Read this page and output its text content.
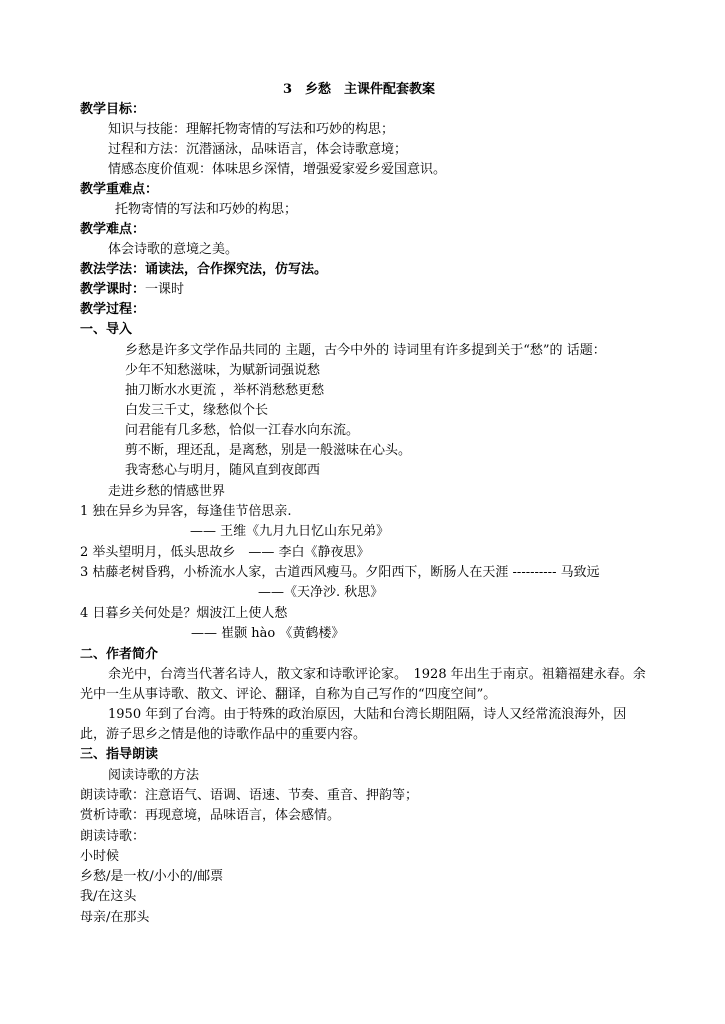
3　乡愁　主课件配套教案
教学目标：
知识与技能：理解托物寄情的写法和巧妙的构思；
过程和方法：沉潜涵泳，品味语言，体会诗歌意境；
情感态度价值观：体味思乡深情，增强爱家爱乡爱国意识。
教学重难点：
托物寄情的写法和巧妙的构思；
教学难点：
体会诗歌的意境之美。
教法学法：诵读法，合作探究法，仿写法。
教学课时：一课时
教学过程：
一、导入
乡愁是许多文学作品共同的 主题，古今中外的 诗词里有许多提到关于“愁”的 话题：
少年不知愁滋味，为赋新词强说愁
抽刀断水水更流 ，举杯消愁愁更愁
白发三千丈，缘愁似个长
问君能有几多愁，恰似一江春水向东流。
剪不断，理还乱，是离愁，别是一般滋味在心头。
我寄愁心与明月，随风直到夜郎西
走进乡愁的情感世界
1 独在异乡为异客，每逢佳节倍思亲.
—— 王维《九月九日忆山东兄弟》
2 举头望明月，低头思故乡　—— 李白《静夜思》
3 枯藤老树昏鸦，小桥流水人家，古道西风瘦马。夕阳西下，断肠人在天涯 ---------- 马致远
——《天净沙. 秋思》
4 日暮乡关何处是？烟波江上使人愁
—— 崔颢 hào 《黄鹤楼》
二、作者简介
余光中，台湾当代著名诗人，散文家和诗歌评论家。　1928 年出生于南京。祖籍福建永春。余光中一生从事诗歌、散文、评论、翻译，自称为自己写作的“四度空间”。
1950 年到了台湾。由于特殊的政治原因，大陆和台湾长期阻隔，诗人又经常流浪海外，因此，游子思乡之情是他的诗歌作品中的重要内容。
三、指导朗读
阅读诗歌的方法
朗读诗歌：注意语气、语调、语速、节奏、重音、押韵等；
赏析诗歌：再现意境，品味语言，体会感情。
朗读诗歌：
小时候
乡愁/是一枚/小小的/邮票
我/在这头
母亲/在那头
